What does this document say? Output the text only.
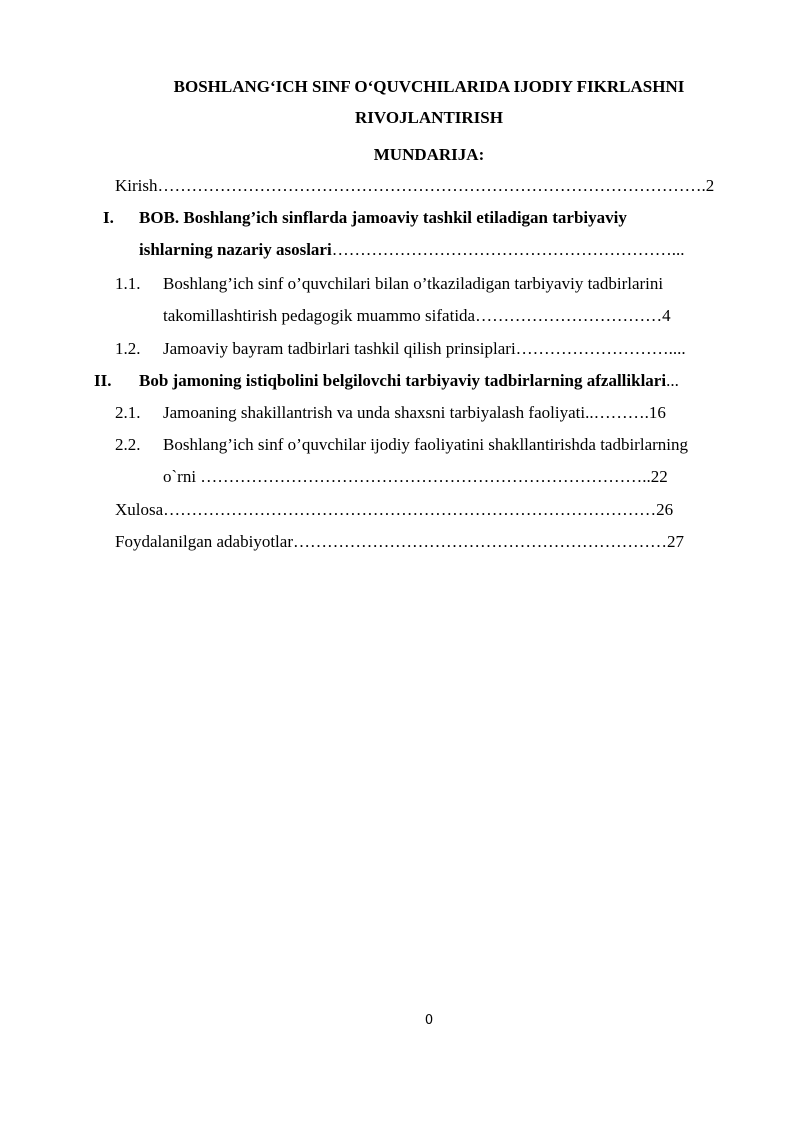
BOSHLANG‘ICH SINF O‘QUVCHILARIDA IJODIY FIKRLASHNI
RIVOJLANTIRISH
MUNDARIJA:
Kirish…………………………………………………………………………………….2
I. BOB. Boshlang’ich sinflarda jamoaviy tashkil etiladigan tarbiyaviy
ishlarning nazariy asoslari……………………………………………………...
1.1. Boshlang’ich sinf o’quvchilari bilan o’tkaziladigan tarbiyaviy tadbirlarini
takomillashtirish pedagogik muammo sifatida……………………………4
1.2. Jamoaviy bayram tadbirlari tashkil qilish prinsiplari………………………....
II. Bob jamoning istiqbolini belgilovchi tarbiyaviy tadbirlarning afzalliklari...
2.1. Jamoaning shakillantrish va unda shaxsni tarbiyalash faoliyati..……….16
2.2. Boshlang’ich sinf o’quvchilar ijodiy faoliyatini shakllantirishda tadbirlarning
o`rni ……………………………………………………………………..22
Xulosa……………………………………………………………………………26
Foydalanilgan adabiyotlar…………………………………………………………27
0
